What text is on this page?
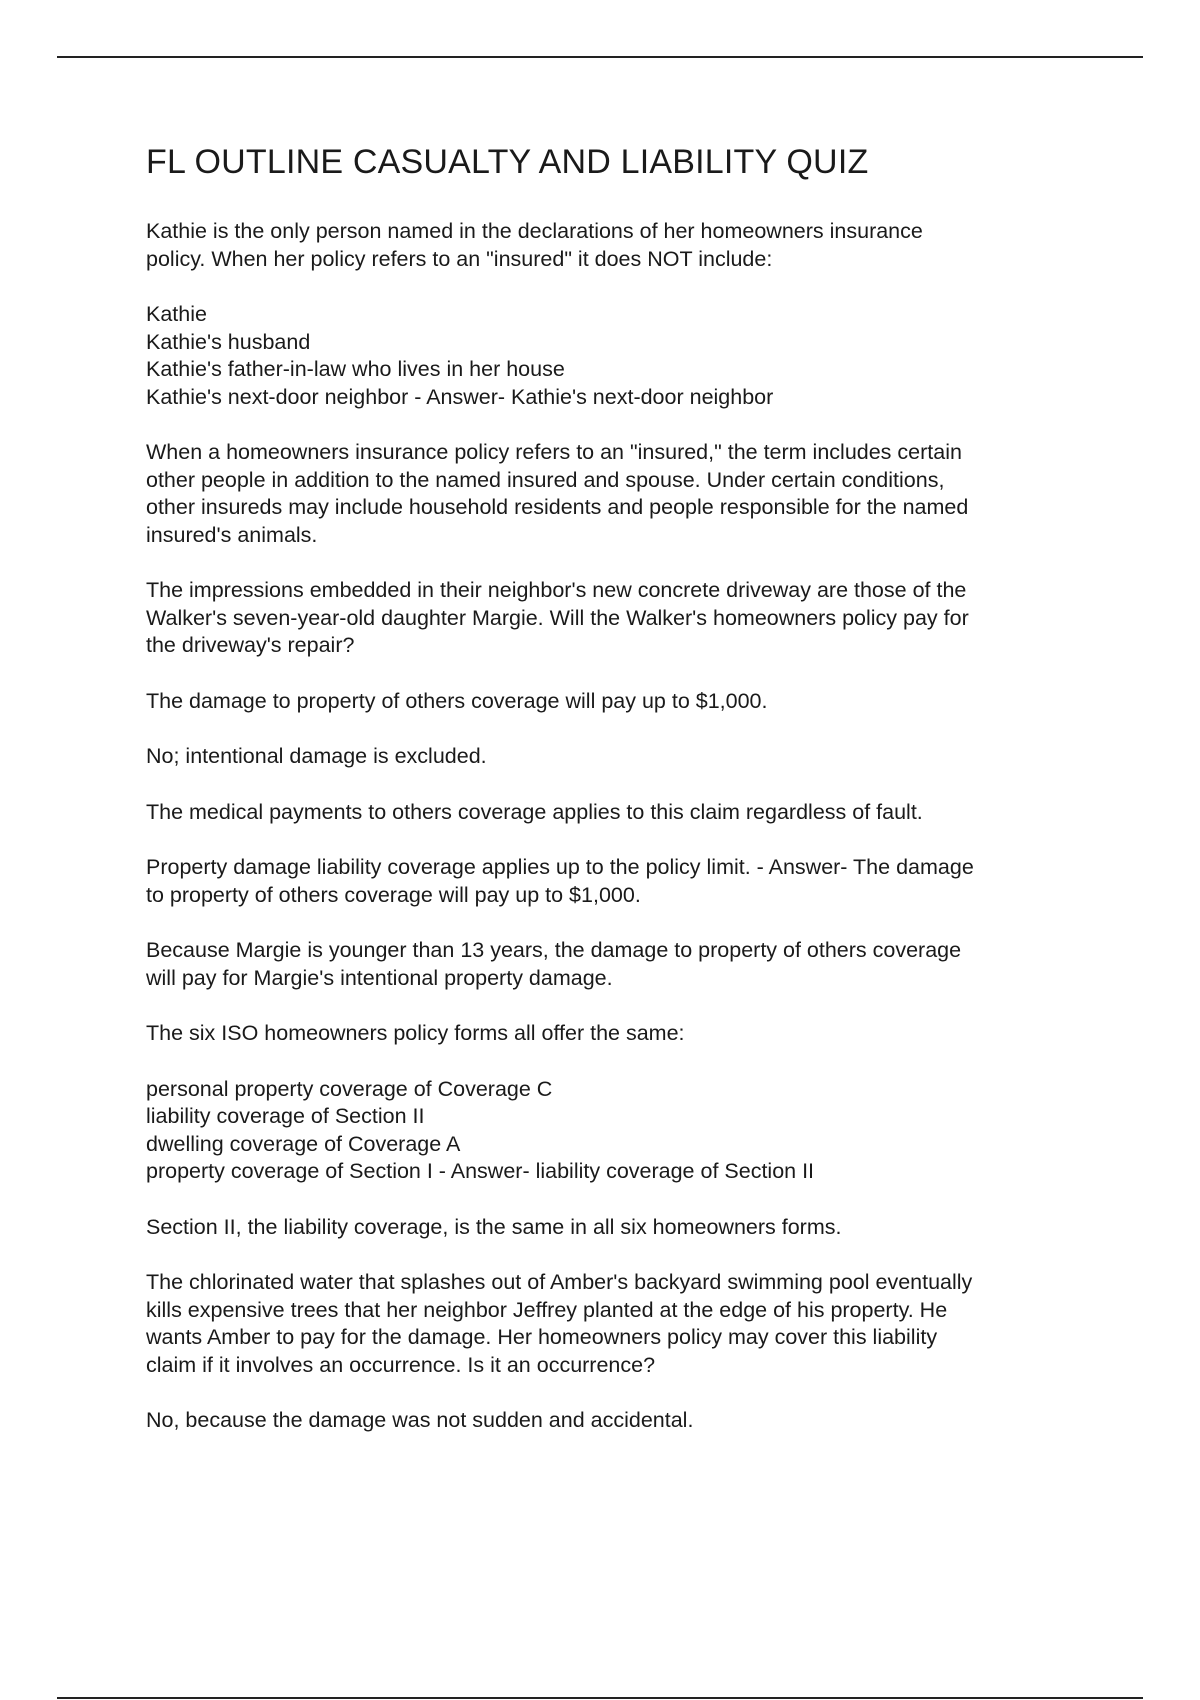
FL OUTLINE CASUALTY AND LIABILITY QUIZ

Kathie is the only person named in the declarations of her homeowners insurance
policy. When her policy refers to an "insured" it does NOT include:

Kathie
Kathie's husband
Kathie's father-in-law who lives in her house
Kathie's next-door neighbor - Answer- Kathie's next-door neighbor

When a homeowners insurance policy refers to an "insured," the term includes certain
other people in addition to the named insured and spouse. Under certain conditions,
other insureds may include household residents and people responsible for the named
insured's animals.

The impressions embedded in their neighbor's new concrete driveway are those of the
Walker's seven-year-old daughter Margie. Will the Walker's homeowners policy pay for
the driveway's repair?

The damage to property of others coverage will pay up to $1,000.

No; intentional damage is excluded.

The medical payments to others coverage applies to this claim regardless of fault.

Property damage liability coverage applies up to the policy limit. - Answer- The damage
to property of others coverage will pay up to $1,000.

Because Margie is younger than 13 years, the damage to property of others coverage
will pay for Margie's intentional property damage.

The six ISO homeowners policy forms all offer the same:

personal property coverage of Coverage C
liability coverage of Section II
dwelling coverage of Coverage A
property coverage of Section I - Answer- liability coverage of Section II

Section II, the liability coverage, is the same in all six homeowners forms.

The chlorinated water that splashes out of Amber's backyard swimming pool eventually
kills expensive trees that her neighbor Jeffrey planted at the edge of his property. He
wants Amber to pay for the damage. Her homeowners policy may cover this liability
claim if it involves an occurrence. Is it an occurrence?

No, because the damage was not sudden and accidental.
